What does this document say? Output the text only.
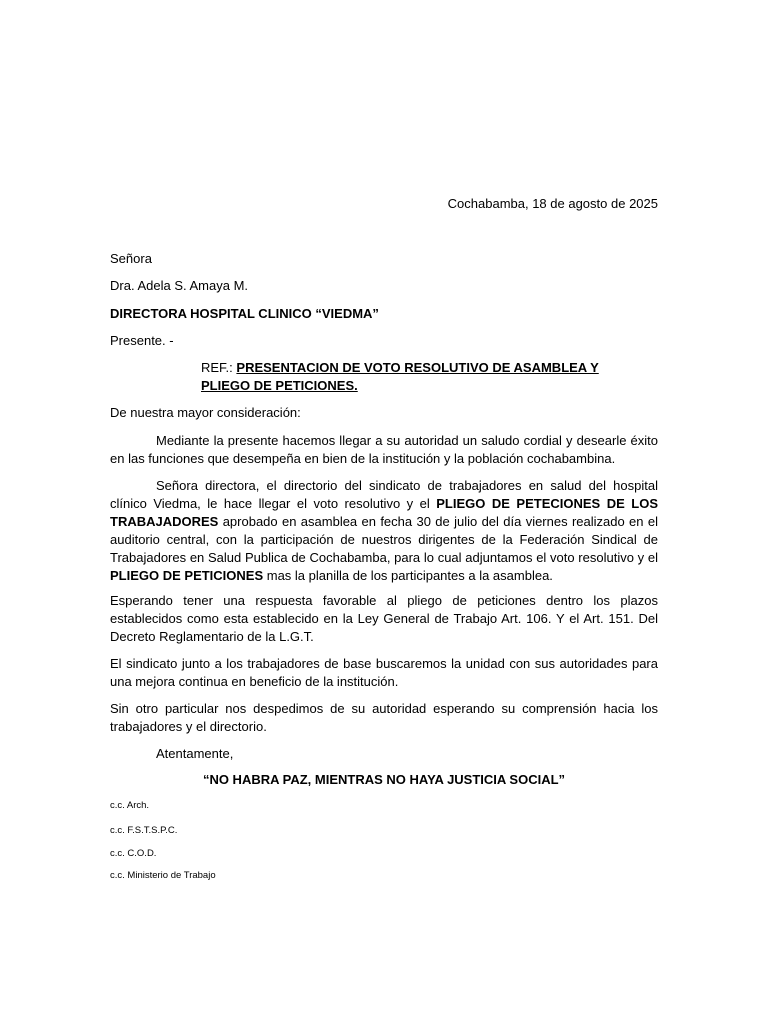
Cochabamba, 18 de agosto de 2025
Señora
Dra. Adela S. Amaya M.
DIRECTORA HOSPITAL CLINICO “VIEDMA”
Presente. -
REF.: PRESENTACION DE VOTO RESOLUTIVO DE ASAMBLEA Y PLIEGO DE PETICIONES.
De nuestra mayor consideración:
Mediante la presente hacemos llegar a su autoridad un saludo cordial y desearle éxito en las funciones que desempeña en bien de la institución y la población cochabambina.
Señora directora, el directorio del sindicato de trabajadores en salud del hospital clínico Viedma, le hace llegar el voto resolutivo y el PLIEGO DE PETECIONES DE LOS TRABAJADORES aprobado en asamblea en fecha 30 de julio del día viernes realizado en el auditorio central, con la participación de nuestros dirigentes de la Federación Sindical de Trabajadores en Salud Publica de Cochabamba, para lo cual adjuntamos el voto resolutivo y el PLIEGO DE PETICIONES mas la planilla de los participantes a la asamblea.
Esperando tener una respuesta favorable al pliego de peticiones dentro los plazos establecidos como esta establecido en la Ley General de Trabajo Art. 106. Y el Art. 151. Del Decreto Reglamentario de la L.G.T.
El sindicato junto a los trabajadores de base buscaremos la unidad con sus autoridades para una mejora continua en beneficio de la institución.
Sin otro particular nos despedimos de su autoridad esperando su comprensión hacia los trabajadores y el directorio.
Atentamente,
“NO HABRA PAZ, MIENTRAS NO HAYA JUSTICIA SOCIAL”
c.c. Arch.
c.c. F.S.T.S.P.C.
c.c. C.O.D.
c.c. Ministerio de Trabajo
